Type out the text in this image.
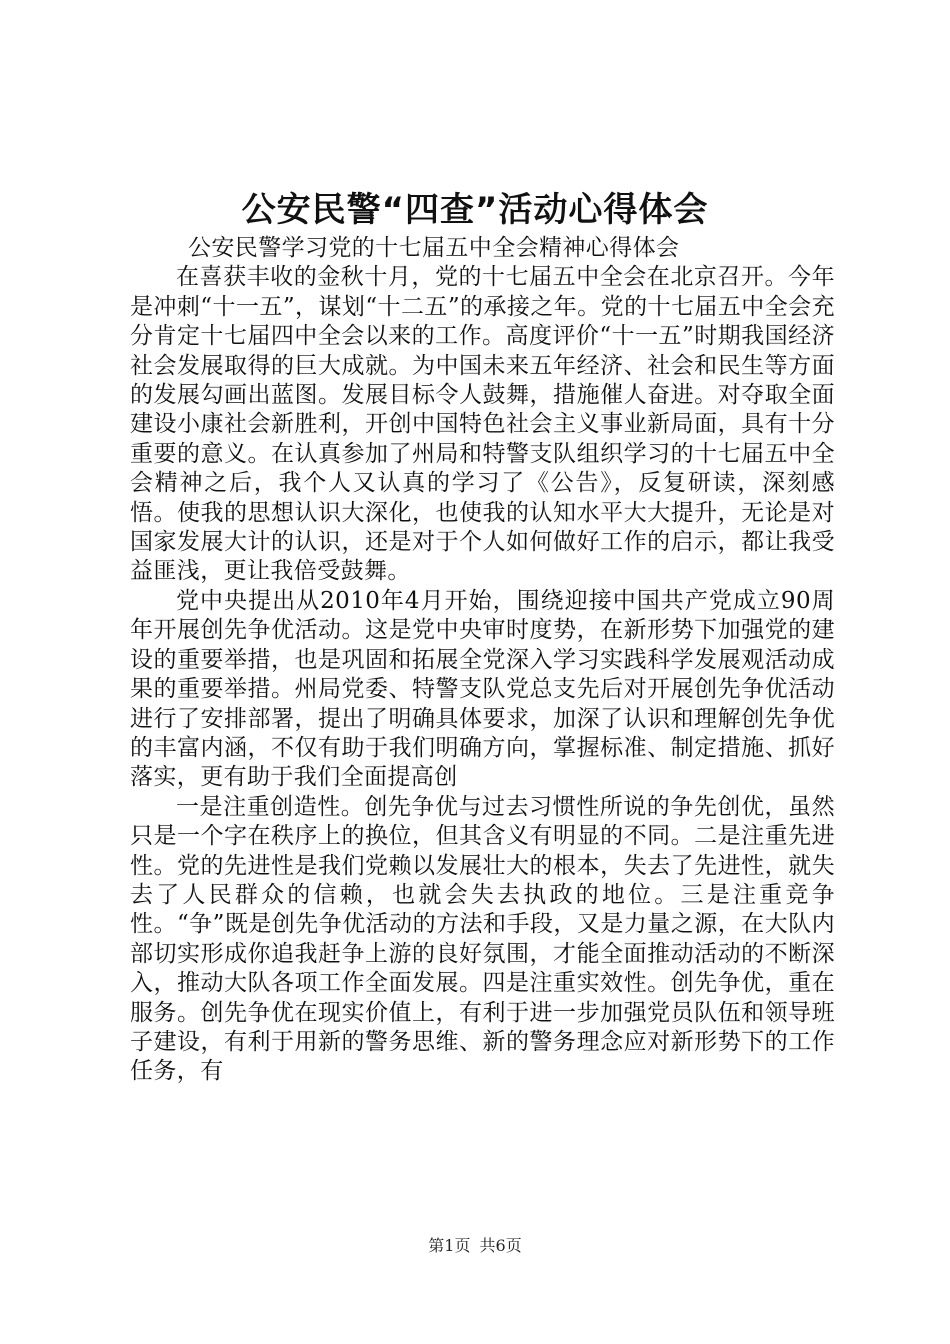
公安民警“四查”活动心得体会

公安民警学习党的十七届五中全会精神心得体会

在喜获丰收的金秋十月，党的十七届五中全会在北京召开。今年是冲刺“十一五”，谋划“十二五”的承接之年。党的十七届五中全会充分肯定十七届四中全会以来的工作。高度评价“十一五”时期我国经济社会发展取得的巨大成就。为中国未来五年经济、社会和民生等方面的发展勾画出蓝图。发展目标令人鼓舞，措施催人奋进。对夺取全面建设小康社会新胜利，开创中国特色社会主义事业新局面，具有十分重要的意义。在认真参加了州局和特警支队组织学习的十七届五中全会精神之后，我个人又认真的学习了《公告》，反复研读，深刻感悟。使我的思想认识大深化，也使我的认知水平大大提升，无论是对国家发展大计的认识，还是对于个人如何做好工作的启示，都让我受益匪浅，更让我倍受鼓舞。

党中央提出从2010年4月开始，围绕迎接中国共产党成立90周年开展创先争优活动。这是党中央审时度势，在新形势下加强党的建设的重要举措，也是巩固和拓展全党深入学习实践科学发展观活动成果的重要举措。州局党委、特警支队党总支先后对开展创先争优活动进行了安排部署，提出了明确具体要求，加深了认识和理解创先争优的丰富内涵，不仅有助于我们明确方向，掌握标准、制定措施、抓好落实，更有助于我们全面提高创

一是注重创造性。创先争优与过去习惯性所说的争先创优，虽然只是一个字在秩序上的换位，但其含义有明显的不同。二是注重先进性。党的先进性是我们党赖以发展壮大的根本，失去了先进性，就失去了人民群众的信赖，也就会失去执政的地位。三是注重竞争性。“争”既是创先争优活动的方法和手段，又是力量之源，在大队内部切实形成你追我赶争上游的良好氛围，才能全面推动活动的不断深入，推动大队各项工作全面发展。四是注重实效性。创先争优，重在服务。创先争优在现实价值上，有利于进一步加强党员队伍和领导班子建设，有利于用新的警务思维、新的警务理念应对新形势下的工作任务，有

第1页 共6页
